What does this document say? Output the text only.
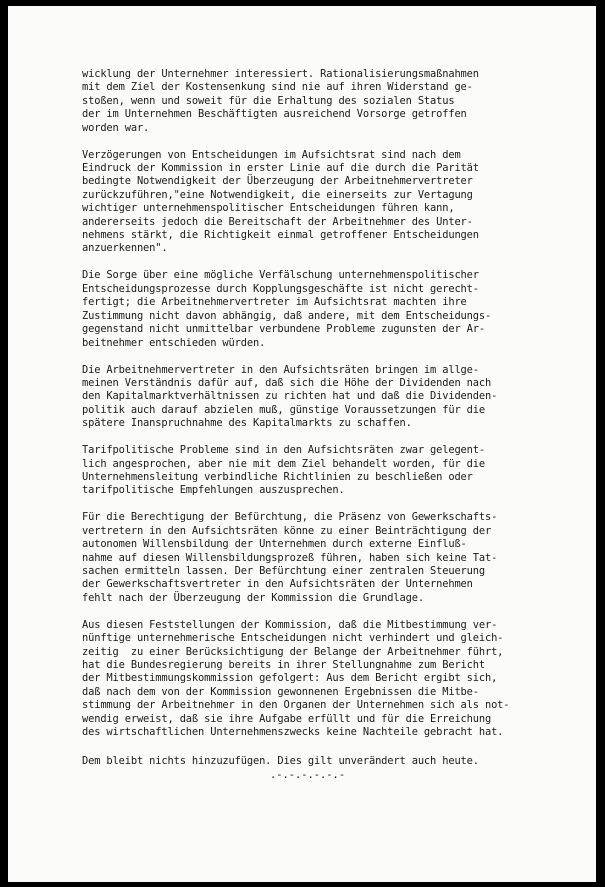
wicklung der Unternehmer interessiert. Rationalisierungsmaßnahmen
mit dem Ziel der Kostensenkung sind nie auf ihren Widerstand ge-
stoßen, wenn und soweit für die Erhaltung des sozialen Status
der im Unternehmen Beschäftigten ausreichend Vorsorge getroffen
worden war.
Verzögerungen von Entscheidungen im Aufsichtsrat sind nach dem
Eindruck der Kommission in erster Linie auf die durch die Parität
bedingte Notwendigkeit der Überzeugung der Arbeitnehmervertreter
zurückzuführen,"eine Notwendigkeit, die einerseits zur Vertagung
wichtiger unternehmenspolitischer Entscheidungen führen kann,
andererseits jedoch die Bereitschaft der Arbeitnehmer des Unter-
nehmens stärkt, die Richtigkeit einmal getroffener Entscheidungen
anzuerkennen".
Die Sorge über eine mögliche Verfälschung unternehmenspolitischer
Entscheidungsprozesse durch Kopplungsgeschäfte ist nicht gerecht-
fertigt; die Arbeitnehmervertreter im Aufsichtsrat machten ihre
Zustimmung nicht davon abhängig, daß andere, mit dem Entscheidungs-
gegenstand nicht unmittelbar verbundene Probleme zugunsten der Ar-
beitnehmer entschieden würden.
Die Arbeitnehmervertreter in den Aufsichtsräten bringen im allge-
meinen Verständnis dafür auf, daß sich die Höhe der Dividenden nach
den Kapitalmarktverhältnissen zu richten hat und daß die Dividenden-
politik auch darauf abzielen muß, günstige Voraussetzungen für die
spätere Inanspruchnahme des Kapitalmarkts zu schaffen.
Tarifpolitische Probleme sind in den Aufsichtsräten zwar gelegent-
lich angesprochen, aber nie mit dem Ziel behandelt worden, für die
Unternehmensleitung verbindliche Richtlinien zu beschließen oder
tarifpolitische Empfehlungen auszusprechen.
Für die Berechtigung der Befürchtung, die Präsenz von Gewerkschafts-
vertretern in den Aufsichtsräten könne zu einer Beinträchtigung der
autonomen Willensbildung der Unternehmen durch externe Einfluß-
nahme auf diesen Willensbildungsprozeß führen, haben sich keine Tat-
sachen ermitteln lassen. Der Befürchtung einer zentralen Steuerung
der Gewerkschaftsvertreter in den Aufsichtsräten der Unternehmen
fehlt nach der Überzeugung der Kommission die Grundlage.
Aus diesen Feststellungen der Kommission, daß die Mitbestimmung ver-
nünftige unternehmerische Entscheidungen nicht verhindert und gleich-
zeitig  zu einer Berücksichtigung der Belange der Arbeitnehmer führt,
hat die Bundesregierung bereits in ihrer Stellungnahme zum Bericht
der Mitbestimmungskommission gefolgert: Aus dem Bericht ergibt sich,
daß nach dem von der Kommission gewonnenen Ergebnissen die Mitbe-
stimmung der Arbeitnehmer in den Organen der Unternehmen sich als not-
wendig erweist, daß sie ihre Aufgabe erfüllt und für die Erreichung
des wirtschaftlichen Unternehmenszwecks keine Nachteile gebracht hat.
Dem bleibt nichts hinzuzufügen. Dies gilt unverändert auch heute.
.-.-.-.-.-.-
